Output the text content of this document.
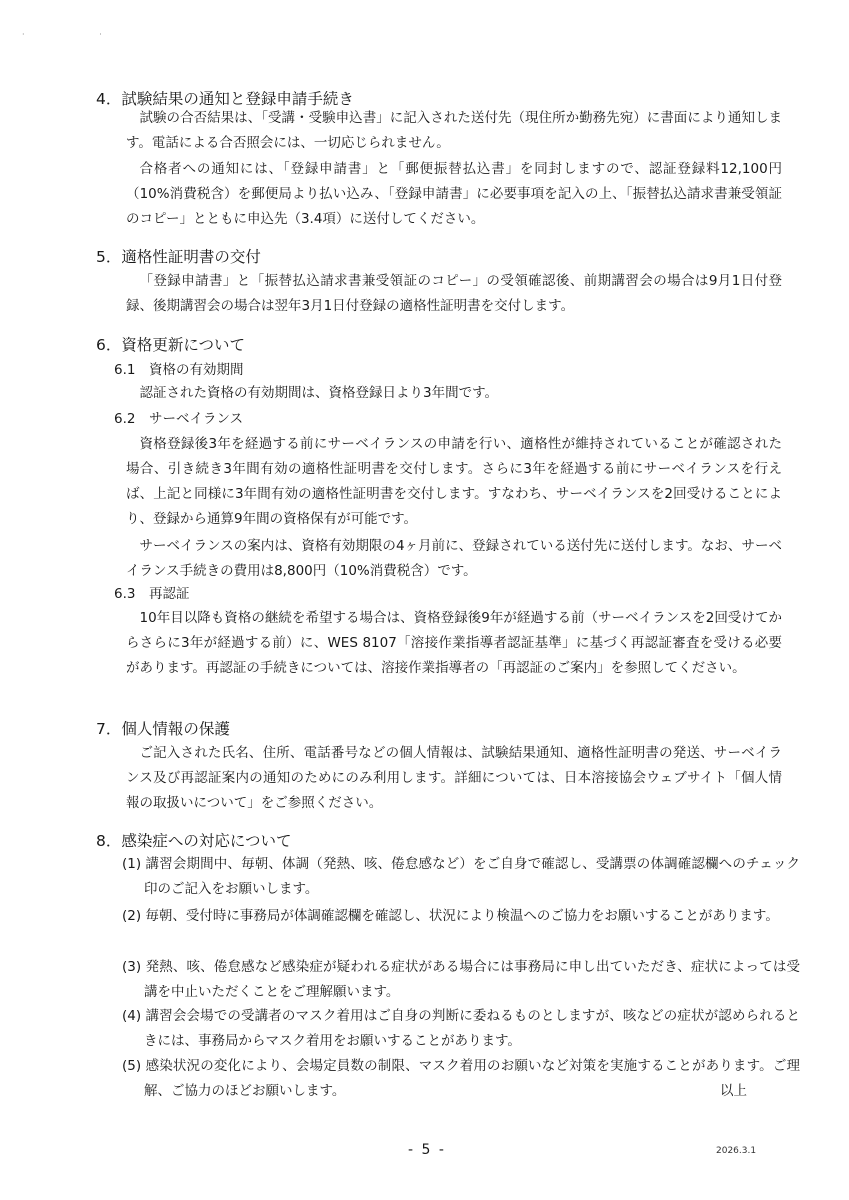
· ·
4．試験結果の通知と登録申請手続き

試験の合否結果は、「受講・受験申込書」に記入された送付先（現住所か勤務先宛）に書面により通知します。電話による合否照会には、一切応じられません。

合格者への通知には、「登録申請書」と「郵便振替払込書」を同封しますので、認証登録料12,100円（10%消費税含）を郵便局より払い込み、「登録申請書」に必要事項を記入の上、「振替払込請求書兼受領証のコピー」とともに申込先（3.4項）に送付してください。

5．適格性証明書の交付

「登録申請書」と「振替払込請求書兼受領証のコピー」の受領確認後、前期講習会の場合は9月1日付登録、後期講習会の場合は翌年3月1日付登録の適格性証明書を交付します。

6．資格更新について
6.1　資格の有効期間

認証された資格の有効期間は、資格登録日より3年間です。

6.2　サーベイランス

資格登録後3年を経過する前にサーベイランスの申請を行い、適格性が維持されていることが確認された場合、引き続き3年間有効の適格性証明書を交付します。さらに3年を経過する前にサーベイランスを行えば、上記と同様に3年間有効の適格性証明書を交付します。すなわち、サーベイランスを2回受けることにより、登録から通算9年間の資格保有が可能です。

サーベイランスの案内は、資格有効期限の4ヶ月前に、登録されている送付先に送付します。なお、サーベイランス手続きの費用は8,800円（10%消費税含）です。

6.3　再認証

10年目以降も資格の継続を希望する場合は、資格登録後9年が経過する前（サーベイランスを2回受けてからさらに3年が経過する前）に、WES 8107「溶接作業指導者認証基準」に基づく再認証審査を受ける必要があります。再認証の手続きについては、溶接作業指導者の「再認証のご案内」を参照してください。

7．個人情報の保護

ご記入された氏名、住所、電話番号などの個人情報は、試験結果通知、適格性証明書の発送、サーベイランス及び再認証案内の通知のためにのみ利用します。詳細については、日本溶接協会ウェブサイト「個人情報の取扱いについて」をご参照ください。

8．感染症への対応について

(1) 講習会期間中、毎朝、体調（発熱、咳、倦怠感など）をご自身で確認し、受講票の体調確認欄へのチェック印のご記入をお願いします。

(2) 毎朝、受付時に事務局が体調確認欄を確認し、状況により検温へのご協力をお願いすることがあります。

(3) 発熱、咳、倦怠感など感染症が疑われる症状がある場合には事務局に申し出ていただき、症状によっては受講を中止いただくことをご理解願います。

(4) 講習会会場での受講者のマスク着用はご自身の判断に委ねるものとしますが、咳などの症状が認められるときには、事務局からマスク着用をお願いすることがあります。

(5) 感染状況の変化により、会場定員数の制限、マスク着用のお願いなど対策を実施することがあります。ご理解、ご協力のほどお願いします。	以上
- 5 -	2026.3.1
